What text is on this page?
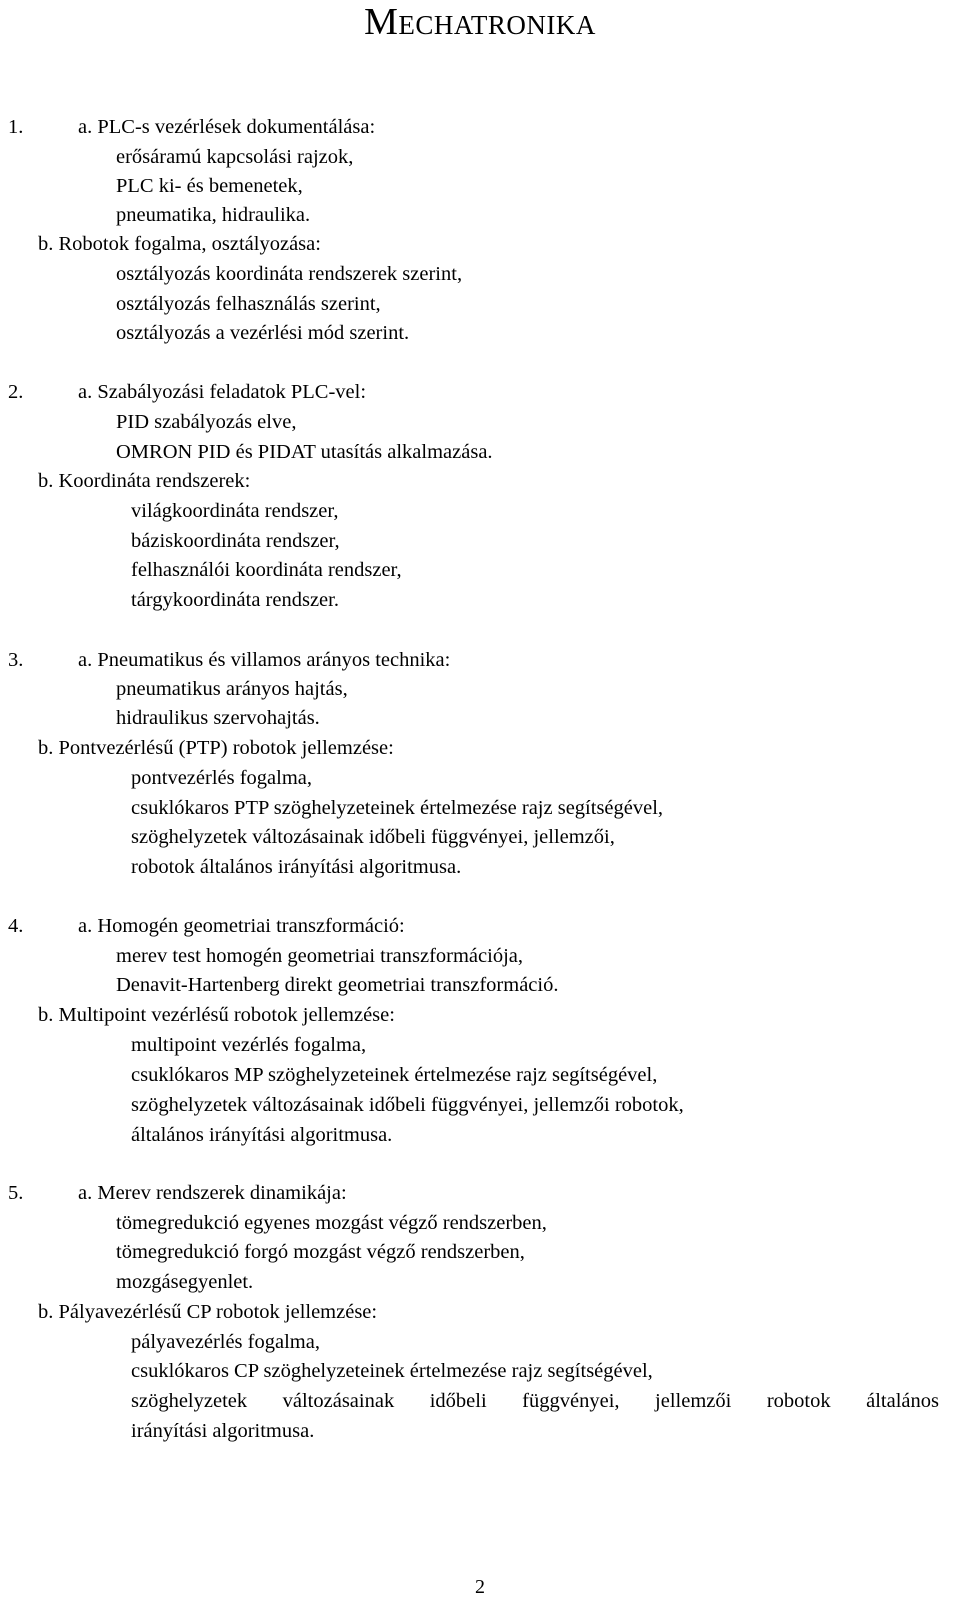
Mechatronika
1.	a. PLC-s vezérlések dokumentálása:
erősáramú kapcsolási rajzok,
PLC ki- és bemenetek,
pneumatika, hidraulika.
b. Robotok fogalma, osztályozása:
osztályozás koordináta rendszerek szerint,
osztályozás felhasználás szerint,
osztályozás a vezérlési mód szerint.
2.	a. Szabályozási feladatok PLC-vel:
PID szabályozás elve,
OMRON PID és PIDAT utasítás alkalmazása.
b. Koordináta rendszerek:
világkoordináta rendszer,
báziskoordináta rendszer,
felhasználói koordináta rendszer,
tárgykoordináta rendszer.
3.	a. Pneumatikus és villamos arányos technika:
pneumatikus arányos hajtás,
hidraulikus szervohajtás.
b. Pontvezérlésű (PTP) robotok jellemzése:
pontvezérlés fogalma,
csuklókaros PTP szöghelyzeteinek értelmezése rajz segítségével,
szöghelyzetek változásainak időbeli függvényei, jellemzői,
robotok általános irányítási algoritmusa.
4.	a. Homogén geometriai transzformáció:
merev test homogén geometriai transzformációja,
Denavit-Hartenberg direkt geometriai transzformáció.
b. Multipoint vezérlésű robotok jellemzése:
multipoint vezérlés fogalma,
csuklókaros MP szöghelyzeteinek értelmezése rajz segítségével,
szöghelyzetek változásainak időbeli függvényei, jellemzői robotok,
általános irányítási algoritmusa.
5.	a. Merev rendszerek dinamikája:
tömegredukció egyenes mozgást végző rendszerben,
tömegredukció forgó mozgást végző rendszerben,
mozgásegyenlet.
b. Pályavezérlésű CP robotok jellemzése:
pályavezérlés fogalma,
csuklókaros CP szöghelyzeteinek értelmezése rajz segítségével,
szöghelyzetek változásainak időbeli függvényei, jellemzői robotok általános
irányítási algoritmusa.
2
